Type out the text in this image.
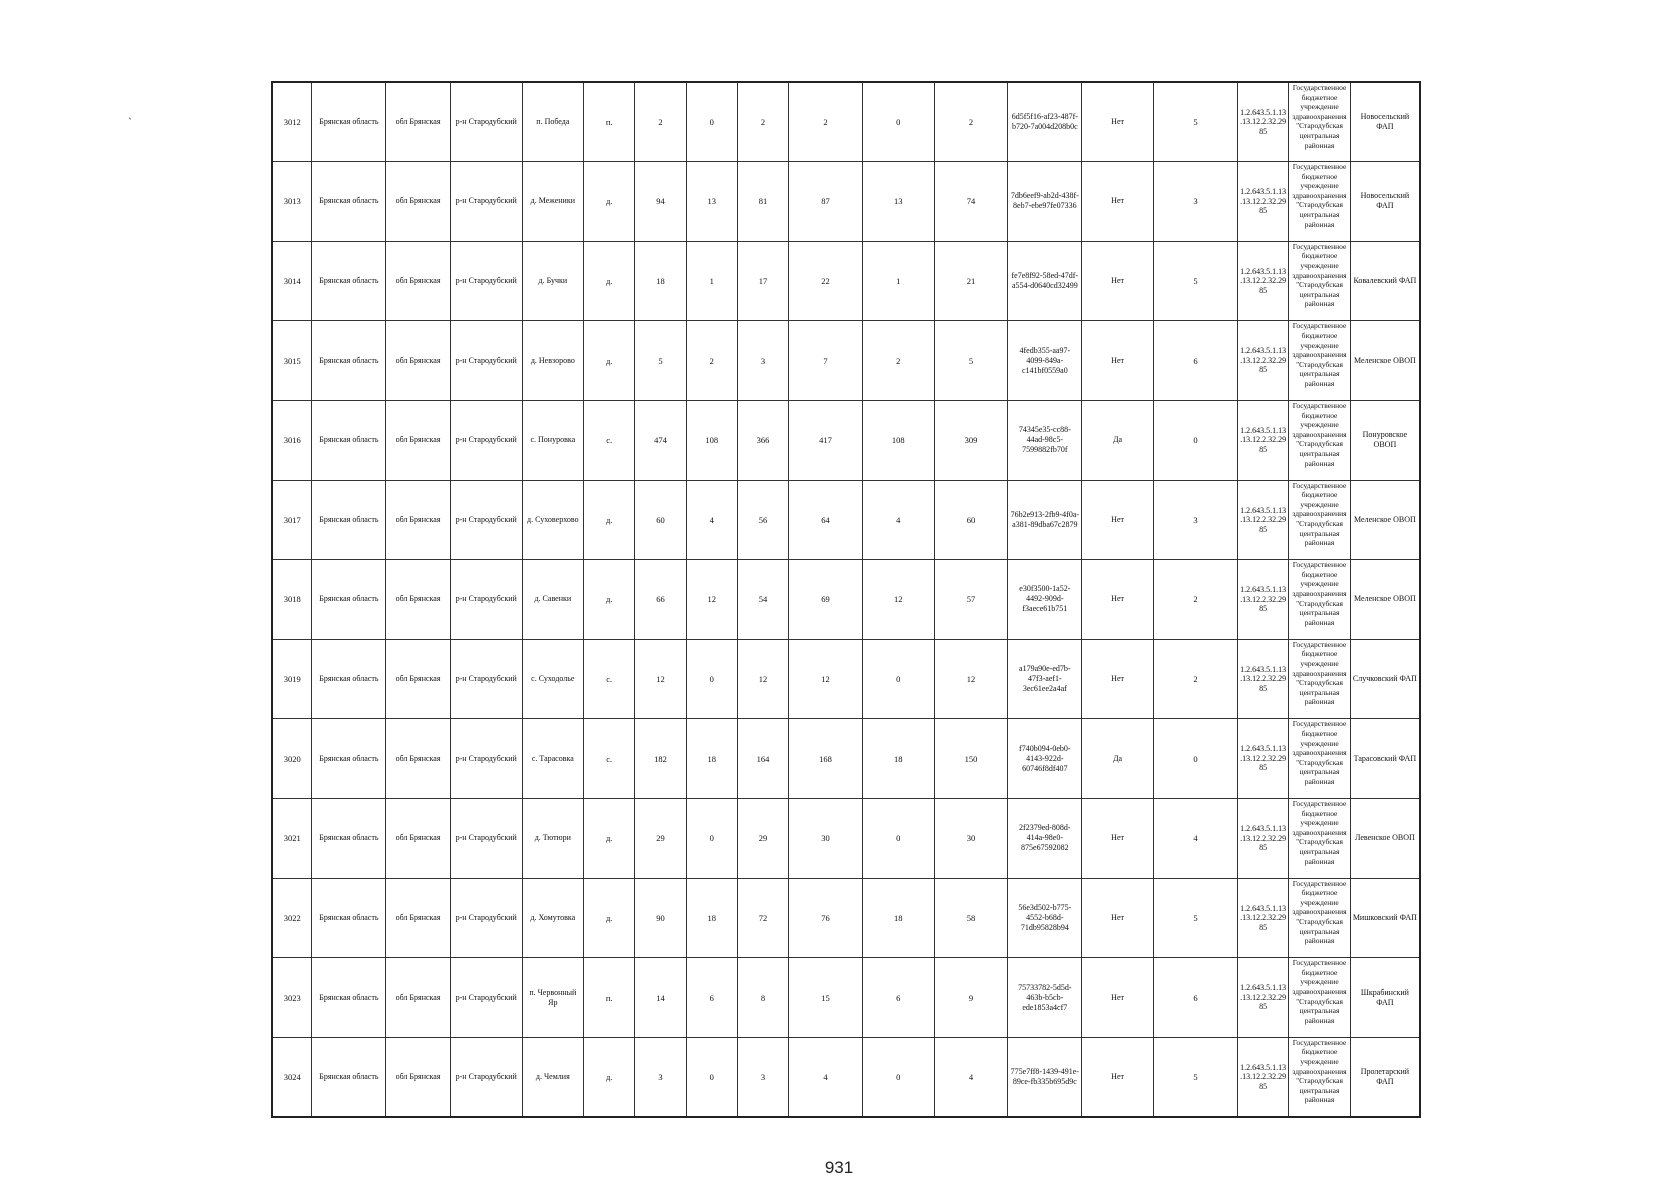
`	3012	Брянская область	обл Брянская	р-н Стародубский	п. Победа	п.	2	0	2	2	0	2	6d5f5f16-af23-487f-b720-7a004d208b0c	Нет	5	1.2.643.5.1.13.13.12.2.32.2985	Государственное бюджетное учреждение здравоохранения "Стародубская центральная районная	Новосельский ФАП
3013	Брянская область	обл Брянская	р-н Стародубский	д. Меженики	д.	94	13	81	87	13	74	7db6eef9-ab2d-438f-8eb7-ebe97fe07336	Нет	3	1.2.643.5.1.13.13.12.2.32.2985	Государственное бюджетное учреждение здравоохранения "Стародубская центральная районная	Новосельский ФАП
3014	Брянская область	обл Брянская	р-н Стародубский	д. Бучки	д.	18	1	17	22	1	21	fe7e8f92-58ed-47df-a554-d0640cd32499	Нет	5	1.2.643.5.1.13.13.12.2.32.2985	Государственное бюджетное учреждение здравоохранения "Стародубская центральная районная	Ковалевский ФАП
3015	Брянская область	обл Брянская	р-н Стародубский	д. Невзорово	д.	5	2	3	7	2	5	4fedb355-aa97-4099-849a-c141bf0559a0	Нет	6	1.2.643.5.1.13.13.12.2.32.2985	Государственное бюджетное учреждение здравоохранения "Стародубская центральная районная	Меленское ОВОП
3016	Брянская область	обл Брянская	р-н Стародубский	с. Понуровка	с.	474	108	366	417	108	309	74345e35-cc88-44ad-98c5-7599882fb70f	Да	0	1.2.643.5.1.13.13.12.2.32.2985	Государственное бюджетное учреждение здравоохранения "Стародубская центральная районная	Понуровское ОВОП
3017	Брянская область	обл Брянская	р-н Стародубский	д. Суховерхово	д.	60	4	56	64	4	60	76b2e913-2fb9-4f0a-a381-89dba67c2879	Нет	3	1.2.643.5.1.13.13.12.2.32.2985	Государственное бюджетное учреждение здравоохранения "Стародубская центральная районная	Меленское ОВОП
3018	Брянская область	обл Брянская	р-н Стародубский	д. Савенки	д.	66	12	54	69	12	57	e30f3500-1a52-4492-909d-f3aece61b751	Нет	2	1.2.643.5.1.13.13.12.2.32.2985	Государственное бюджетное учреждение здравоохранения "Стародубская центральная районная	Меленское ОВОП
3019	Брянская область	обл Брянская	р-н Стародубский	с. Суходолье	с.	12	0	12	12	0	12	a179a90e-ed7b-47f3-aef1-3ec61ee2a4af	Нет	2	1.2.643.5.1.13.13.12.2.32.2985	Государственное бюджетное учреждение здравоохранения "Стародубская центральная районная	Случковский ФАП
3020	Брянская область	обл Брянская	р-н Стародубский	с. Тарасовка	с.	182	18	164	168	18	150	f740b094-0eb0-4143-922d-60746f8df407	Да	0	1.2.643.5.1.13.13.12.2.32.2985	Государственное бюджетное учреждение здравоохранения "Стародубская центральная районная	Тарасовский ФАП
3021	Брянская область	обл Брянская	р-н Стародубский	д. Тютюри	д.	29	0	29	30	0	30	2f2379ed-808d-414a-98e0-875e67592082	Нет	4	1.2.643.5.1.13.13.12.2.32.2985	Государственное бюджетное учреждение здравоохранения "Стародубская центральная районная	Левенское ОВОП
3022	Брянская область	обл Брянская	р-н Стародубский	д. Хомутовка	д.	90	18	72	76	18	58	56e3d502-b775-4552-b68d-71db95828b94	Нет	5	1.2.643.5.1.13.13.12.2.32.2985	Государственное бюджетное учреждение здравоохранения "Стародубская центральная районная	Мишковский ФАП
3023	Брянская область	обл Брянская	р-н Стародубский	п. Червонный Яр	п.	14	6	8	15	6	9	75733782-5d5d-463b-b5cb-ede1853a4cf7	Нет	6	1.2.643.5.1.13.13.12.2.32.2985	Государственное бюджетное учреждение здравоохранения "Стародубская центральная районная	Шкрабинский ФАП
3024	Брянская область	обл Брянская	р-н Стародубский	д. Чемлия	д.	3	0	3	4	0	4	775e7ff8-1439-491e-89ce-fb335b695d9c	Нет	5	1.2.643.5.1.13.13.12.2.32.2985	Государственное бюджетное учреждение здравоохранения "Стародубская центральная районная	Пролетарский ФАП
931
